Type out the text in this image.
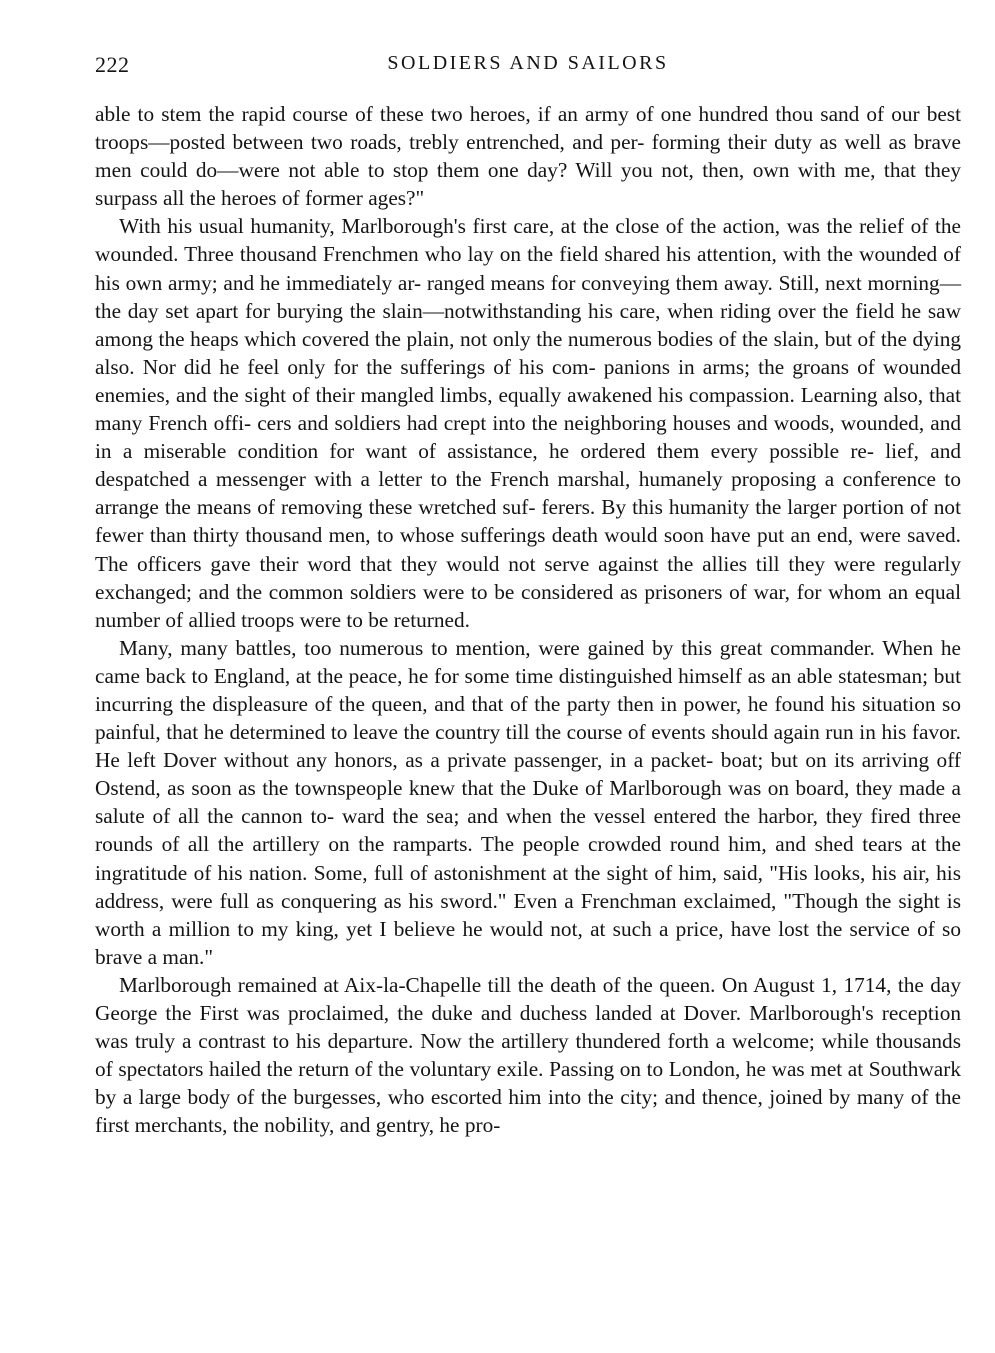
222	SOLDIERS AND SAILORS

able to stem the rapid course of these two heroes, if an army of one hundred thou sand of our best troops—posted between two roads, trebly entrenched, and per- forming their duty as well as brave men could do—were not able to stop them one day? Will you not, then, own with me, that they surpass all the heroes of former ages?"

With his usual humanity, Marlborough's first care, at the close of the action, was the relief of the wounded. Three thousand Frenchmen who lay on the field shared his attention, with the wounded of his own army; and he immediately ar- ranged means for conveying them away. Still, next morning—the day set apart for burying the slain—notwithstanding his care, when riding over the field he saw among the heaps which covered the plain, not only the numerous bodies of the slain, but of the dying also. Nor did he feel only for the sufferings of his com- panions in arms; the groans of wounded enemies, and the sight of their mangled limbs, equally awakened his compassion. Learning also, that many French offi- cers and soldiers had crept into the neighboring houses and woods, wounded, and in a miserable condition for want of assistance, he ordered them every possible re- lief, and despatched a messenger with a letter to the French marshal, humanely proposing a conference to arrange the means of removing these wretched suf- ferers. By this humanity the larger portion of not fewer than thirty thousand men, to whose sufferings death would soon have put an end, were saved. The officers gave their word that they would not serve against the allies till they were regularly exchanged; and the common soldiers were to be considered as prisoners of war, for whom an equal number of allied troops were to be returned.

Many, many battles, too numerous to mention, were gained by this great commander. When he came back to England, at the peace, he for some time distinguished himself as an able statesman; but incurring the displeasure of the queen, and that of the party then in power, he found his situation so painful, that he determined to leave the country till the course of events should again run in his favor. He left Dover without any honors, as a private passenger, in a packet- boat; but on its arriving off Ostend, as soon as the townspeople knew that the Duke of Marlborough was on board, they made a salute of all the cannon to- ward the sea; and when the vessel entered the harbor, they fired three rounds of all the artillery on the ramparts. The people crowded round him, and shed tears at the ingratitude of his nation. Some, full of astonishment at the sight of him, said, "His looks, his air, his address, were full as conquering as his sword." Even a Frenchman exclaimed, "Though the sight is worth a million to my king, yet I believe he would not, at such a price, have lost the service of so brave a man."

Marlborough remained at Aix-la-Chapelle till the death of the queen. On August 1, 1714, the day George the First was proclaimed, the duke and duchess landed at Dover. Marlborough's reception was truly a contrast to his departure. Now the artillery thundered forth a welcome; while thousands of spectators hailed the return of the voluntary exile. Passing on to London, he was met at Southwark by a large body of the burgesses, who escorted him into the city; and thence, joined by many of the first merchants, the nobility, and gentry, he pro-
